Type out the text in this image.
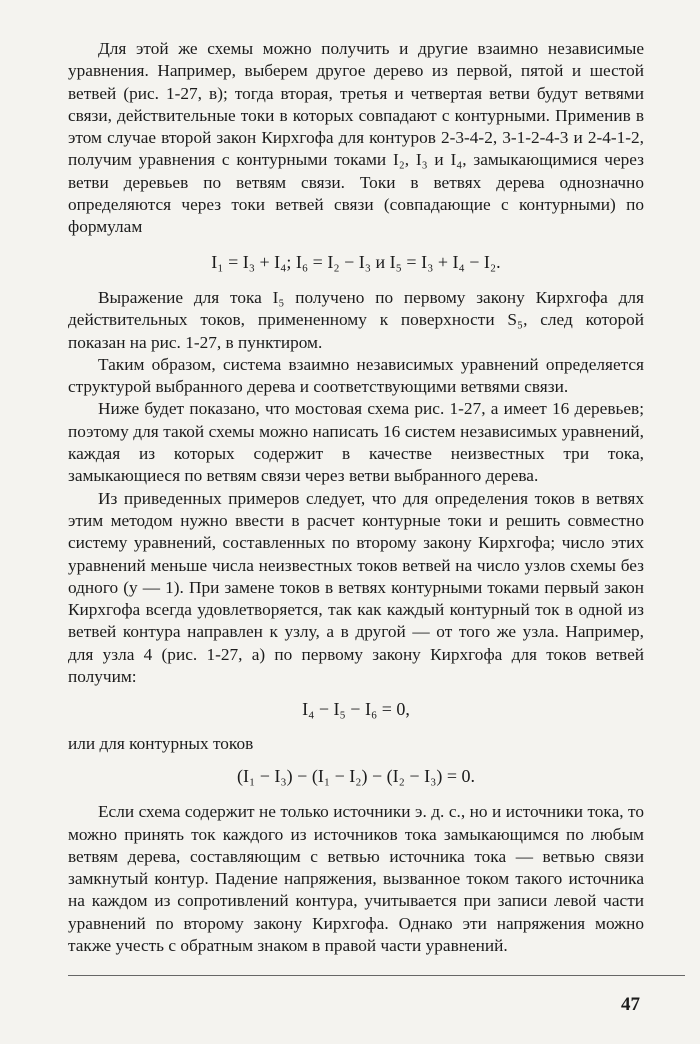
Для этой же схемы можно получить и другие взаимно независимые уравнения. Например, выберем другое дерево из первой, пятой и шестой ветвей (рис. 1-27, в); тогда вторая, третья и четвертая ветви будут ветвями связи, действительные токи в которых совпадают с контурными. Применив в этом случае второй закон Кирхгофа для контуров 2-3-4-2, 3-1-2-4-3 и 2-4-1-2, получим уравнения с контурными токами I₂, I₃ и I₄, замыкающимися через ветви деревьев по ветвям связи. Токи в ветвях дерева однозначно определяются через токи ветвей связи (совпадающие с контурными) по формулам

I₁ = I₃ + I₄; I₆ = I₂ − I₃ и I₅ = I₃ + I₄ − I₂.

Выражение для тока I₅ получено по первому закону Кирхгофа для действительных токов, примененному к поверхности S₅, след которой показан на рис. 1-27, в пунктиром.

Таким образом, система взаимно независимых уравнений определяется структурой выбранного дерева и соответствующими ветвями связи.

Ниже будет показано, что мостовая схема рис. 1-27, а имеет 16 деревьев; поэтому для такой схемы можно написать 16 систем независимых уравнений, каждая из которых содержит в качестве неизвестных три тока, замыкающиеся по ветвям связи через ветви выбранного дерева.

Из приведенных примеров следует, что для определения токов в ветвях этим методом нужно ввести в расчет контурные токи и решить совместно систему уравнений, составленных по второму закону Кирхгофа; число этих уравнений меньше числа неизвестных токов ветвей на число узлов схемы без одного (у — 1). При замене токов в ветвях контурными токами первый закон Кирхгофа всегда удовлетворяется, так как каждый контурный ток в одной из ветвей контура направлен к узлу, а в другой — от того же узла. Например, для узла 4 (рис. 1-27, а) по первому закону Кирхгофа для токов ветвей получим:

I₄ − I₅ − I₆ = 0,

или для контурных токов

(I₁ − I₃) − (I₁ − I₂) − (I₂ − I₃) = 0.

Если схема содержит не только источники э. д. с., но и источники тока, то можно принять ток каждого из источников тока замыкающимся по любым ветвям дерева, составляющим с ветвью источника тока — ветвью связи замкнутый контур. Падение напряжения, вызванное током такого источника на каждом из сопротивлений контура, учитывается при записи левой части уравнений по второму закону Кирхгофа. Однако эти напряжения можно также учесть с обратным знаком в правой части уравнений.

47
